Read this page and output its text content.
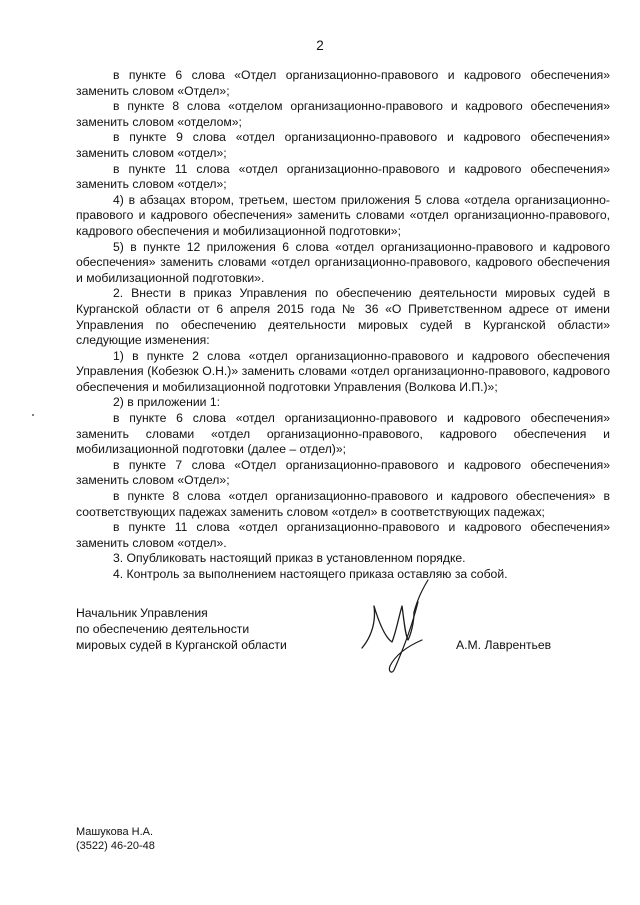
2

в пункте 6 слова «Отдел организационно-правового и кадрового обеспечения» заменить словом «Отдел»;

в пункте 8 слова «отделом организационно-правового и кадрового обеспечения» заменить словом «отделом»;

в пункте 9 слова «отдел организационно-правового и кадрового обеспечения» заменить словом «отдел»;

в пункте 11 слова «отдел организационно-правового и кадрового обеспечения» заменить словом «отдел»;

4) в абзацах втором, третьем, шестом приложения 5 слова «отдела организационно-правового и кадрового обеспечения» заменить словами «отдел организационно-правового, кадрового обеспечения и мобилизационной подготовки»;

5) в пункте 12 приложения 6 слова «отдел организационно-правового и кадрового обеспечения» заменить словами «отдел организационно-правового, кадрового обеспечения и мобилизационной подготовки».

2. Внести в приказ Управления по обеспечению деятельности мировых судей в Курганской области от 6 апреля 2015 года № 36 «О Приветственном адресе от имени Управления по обеспечению деятельности мировых судей в Курганской области» следующие изменения:

1) в пункте 2 слова «отдел организационно-правового и кадрового обеспечения Управления (Кобезюк О.Н.)» заменить словами «отдел организационно-правового, кадрового обеспечения и мобилизационной подготовки Управления (Волкова И.П.)»;

2) в приложении 1:

в пункте 6 слова «отдел организационно-правового и кадрового обеспечения» заменить словами «отдел организационно-правового, кадрового обеспечения и мобилизационной подготовки (далее – отдел)»;

в пункте 7 слова «Отдел организационно-правового и кадрового обеспечения» заменить словом «Отдел»;

в пункте 8 слова «отдел организационно-правового и кадрового обеспечения» в соответствующих падежах заменить словом «отдел» в соответствующих падежах;

в пункте 11 слова «отдел организационно-правового и кадрового обеспечения» заменить словом «отдел».

3. Опубликовать настоящий приказ в установленном порядке.

4. Контроль за выполнением настоящего приказа оставляю за собой.

Начальник Управления
по обеспечению деятельности
мировых судей в Курганской области	А.М. Лаврентьев
Машукова Н.А.
(3522) 46-20-48
